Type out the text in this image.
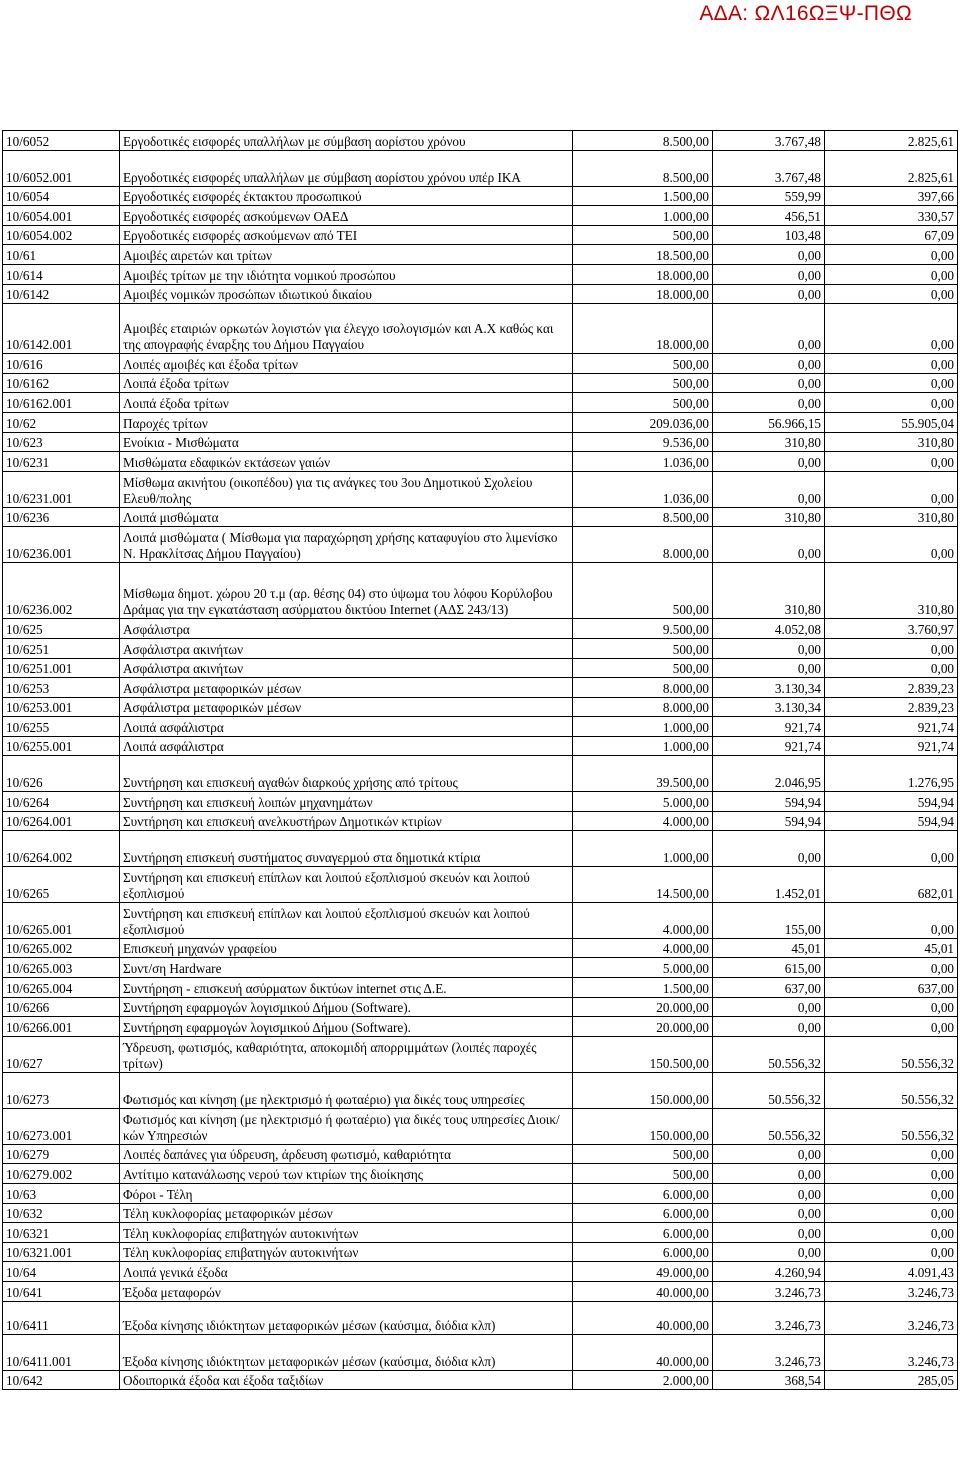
ΑΔΑ: ΩΛ16ΩΞΨ-ΠΘΩ
10/6052	Εργοδοτικές εισφορές υπαλλήλων με σύμβαση αορίστου χρόνου	8.500,00	3.767,48	2.825,61
10/6052.001	Εργοδοτικές εισφορές υπαλλήλων με σύμβαση αορίστου χρόνου υπέρ ΙΚΑ	8.500,00	3.767,48	2.825,61
10/6054	Εργοδοτικές εισφορές έκτακτου προσωπικού	1.500,00	559,99	397,66
10/6054.001	Εργοδοτικές εισφορές ασκούμενων ΟΑΕΔ	1.000,00	456,51	330,57
10/6054.002	Εργοδοτικές εισφορές ασκούμενων από ΤΕΙ	500,00	103,48	67,09
10/61	Αμοιβές αιρετών και τρίτων	18.500,00	0,00	0,00
10/614	Αμοιβές τρίτων με την ιδιότητα νομικού προσώπου	18.000,00	0,00	0,00
10/6142	Αμοιβές νομικών προσώπων ιδιωτικού δικαίου	18.000,00	0,00	0,00
10/6142.001	Αμοιβές εταιριών ορκωτών λογιστών για έλεγχο ισολογισμών και Α.Χ καθώς και της απογραφής έναρξης του Δήμου Παγγαίου	18.000,00	0,00	0,00
10/616	Λοιπές αμοιβές και έξοδα τρίτων	500,00	0,00	0,00
10/6162	Λοιπά έξοδα τρίτων	500,00	0,00	0,00
10/6162.001	Λοιπά έξοδα τρίτων	500,00	0,00	0,00
10/62	Παροχές τρίτων	209.036,00	56.966,15	55.905,04
10/623	Ενοίκια - Μισθώματα	9.536,00	310,80	310,80
10/6231	Μισθώματα εδαφικών εκτάσεων γαιών	1.036,00	0,00	0,00
10/6231.001	Μίσθωμα ακινήτου (οικοπέδου) για τις ανάγκες του 3ου Δημοτικού Σχολείου Ελευθ/πολης	1.036,00	0,00	0,00
10/6236	Λοιπά μισθώματα	8.500,00	310,80	310,80
10/6236.001	Λοιπά μισθώματα ( Μίσθωμα για παραχώρηση χρήσης καταφυγίου στο λιμενίσκο Ν. Ηρακλίτσας Δήμου Παγγαίου)	8.000,00	0,00	0,00
10/6236.002	Μίσθωμα δημοτ. χώρου 20 τ.μ (αρ. θέσης 04) στο ύψωμα του λόφου Κορύλοβου Δράμας για την εγκατάσταση ασύρματου δικτύου Internet (ΑΔΣ 243/13)	500,00	310,80	310,80
10/625	Ασφάλιστρα	9.500,00	4.052,08	3.760,97
10/6251	Ασφάλιστρα ακινήτων	500,00	0,00	0,00
10/6251.001	Ασφάλιστρα ακινήτων	500,00	0,00	0,00
10/6253	Ασφάλιστρα μεταφορικών μέσων	8.000,00	3.130,34	2.839,23
10/6253.001	Ασφάλιστρα μεταφορικών μέσων	8.000,00	3.130,34	2.839,23
10/6255	Λοιπά ασφάλιστρα	1.000,00	921,74	921,74
10/6255.001	Λοιπά ασφάλιστρα	1.000,00	921,74	921,74
10/626	Συντήρηση και επισκευή αγαθών διαρκούς χρήσης από τρίτους	39.500,00	2.046,95	1.276,95
10/6264	Συντήρηση και επισκευή λοιπών μηχανημάτων	5.000,00	594,94	594,94
10/6264.001	Συντήρηση και επισκευή ανελκυστήρων Δημοτικών κτιρίων	4.000,00	594,94	594,94
10/6264.002	Συντήρηση επισκευή συστήματος συναγερμού στα δημοτικά κτίρια	1.000,00	0,00	0,00
10/6265	Συντήρηση και επισκευή επίπλων και λοιπού εξοπλισμού σκευών και λοιπού εξοπλισμού	14.500,00	1.452,01	682,01
10/6265.001	Συντήρηση και επισκευή επίπλων και λοιπού εξοπλισμού σκευών και λοιπού εξοπλισμού	4.000,00	155,00	0,00
10/6265.002	Επισκευή μηχανών γραφείου	4.000,00	45,01	45,01
10/6265.003	Συντ/ση Hardware	5.000,00	615,00	0,00
10/6265.004	Συντήρηση - επισκευή ασύρματων δικτύων internet στις Δ.Ε.	1.500,00	637,00	637,00
10/6266	Συντήρηση εφαρμογών λογισμικού Δήμου (Software).	20.000,00	0,00	0,00
10/6266.001	Συντήρηση εφαρμογών λογισμικού Δήμου (Software).	20.000,00	0,00	0,00
10/627	Ύδρευση, φωτισμός, καθαριότητα, αποκομιδή απορριμμάτων (λοιπές παροχές τρίτων)	150.500,00	50.556,32	50.556,32
10/6273	Φωτισμός και κίνηση (με ηλεκτρισμό ή φωταέριο) για δικές τους υπηρεσίες	150.000,00	50.556,32	50.556,32
10/6273.001	Φωτισμός και κίνηση (με ηλεκτρισμό ή φωταέριο) για δικές τους υπηρεσίες Διοικ/κών Υπηρεσιών	150.000,00	50.556,32	50.556,32
10/6279	Λοιπές δαπάνες για ύδρευση, άρδευση φωτισμό, καθαριότητα	500,00	0,00	0,00
10/6279.002	Αντίτιμο κατανάλωσης νερού των κτιρίων της διοίκησης	500,00	0,00	0,00
10/63	Φόροι - Τέλη	6.000,00	0,00	0,00
10/632	Τέλη κυκλοφορίας μεταφορικών μέσων	6.000,00	0,00	0,00
10/6321	Τέλη κυκλοφορίας επιβατηγών αυτοκινήτων	6.000,00	0,00	0,00
10/6321.001	Τέλη κυκλοφορίας επιβατηγών αυτοκινήτων	6.000,00	0,00	0,00
10/64	Λοιπά γενικά έξοδα	49.000,00	4.260,94	4.091,43
10/641	Έξοδα μεταφορών	40.000,00	3.246,73	3.246,73
10/6411	Έξοδα κίνησης ιδιόκτητων μεταφορικών μέσων (καύσιμα, διόδια κλπ)	40.000,00	3.246,73	3.246,73
10/6411.001	Έξοδα κίνησης ιδιόκτητων μεταφορικών μέσων (καύσιμα, διόδια κλπ)	40.000,00	3.246,73	3.246,73
10/642	Οδοιπορικά έξοδα και έξοδα ταξιδίων	2.000,00	368,54	285,05
